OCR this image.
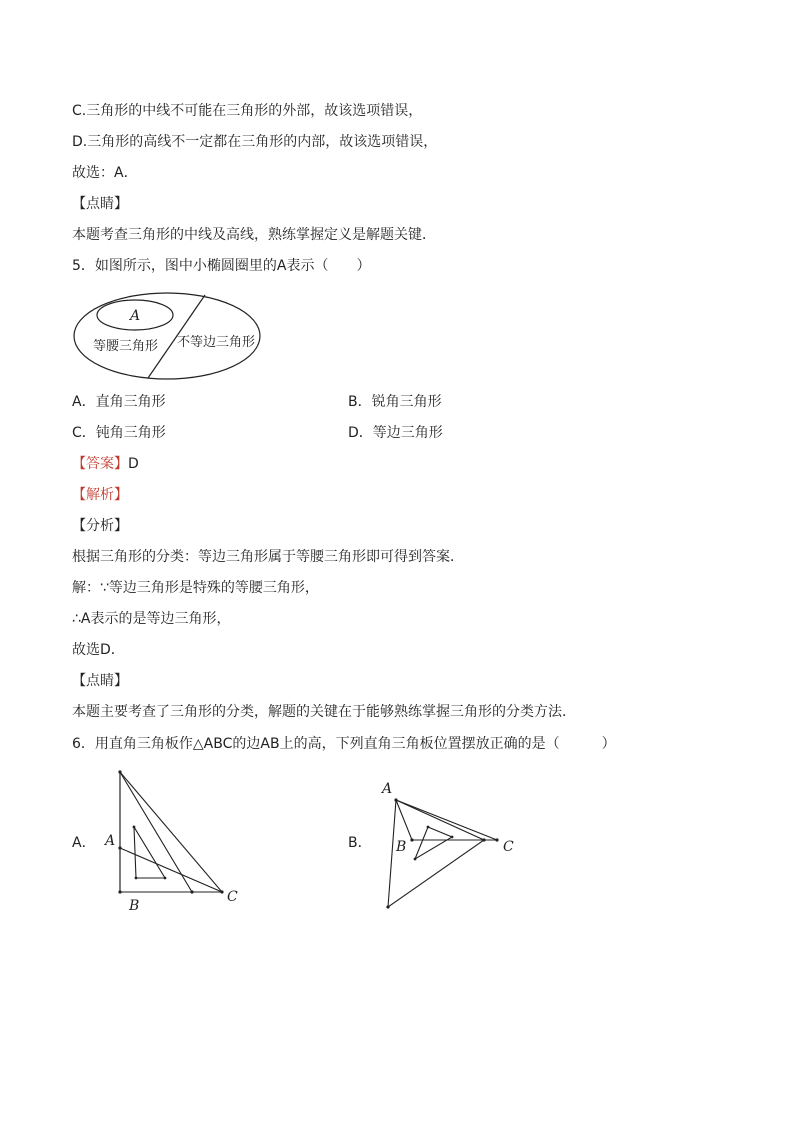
C.三角形的中线不可能在三角形的外部，故该选项错误，
D.三角形的高线不一定都在三角形的内部，故该选项错误，
故选：A．
【点睛】
本题考查三角形的中线及高线，熟练掌握定义是解题关键．
5．如图所示，图中小椭圆圈里的A表示（　　）
A
等腰三角形 不等边三角形
A．直角三角形	B．锐角三角形
C．钝角三角形	D．等边三角形
【答案】D
【解析】
【分析】
根据三角形的分类：等边三角形属于等腰三角形即可得到答案．
解：∵等边三角形是特殊的等腰三角形，
∴A表示的是等边三角形，
故选D．
【点睛】
本题主要考查了三角形的分类，解题的关键在于能够熟练掌握三角形的分类方法．
6．用直角三角板作△ABC的边AB上的高，下列直角三角板位置摆放正确的是（　　　）
A．	B．
A
B
C
A
B	C
